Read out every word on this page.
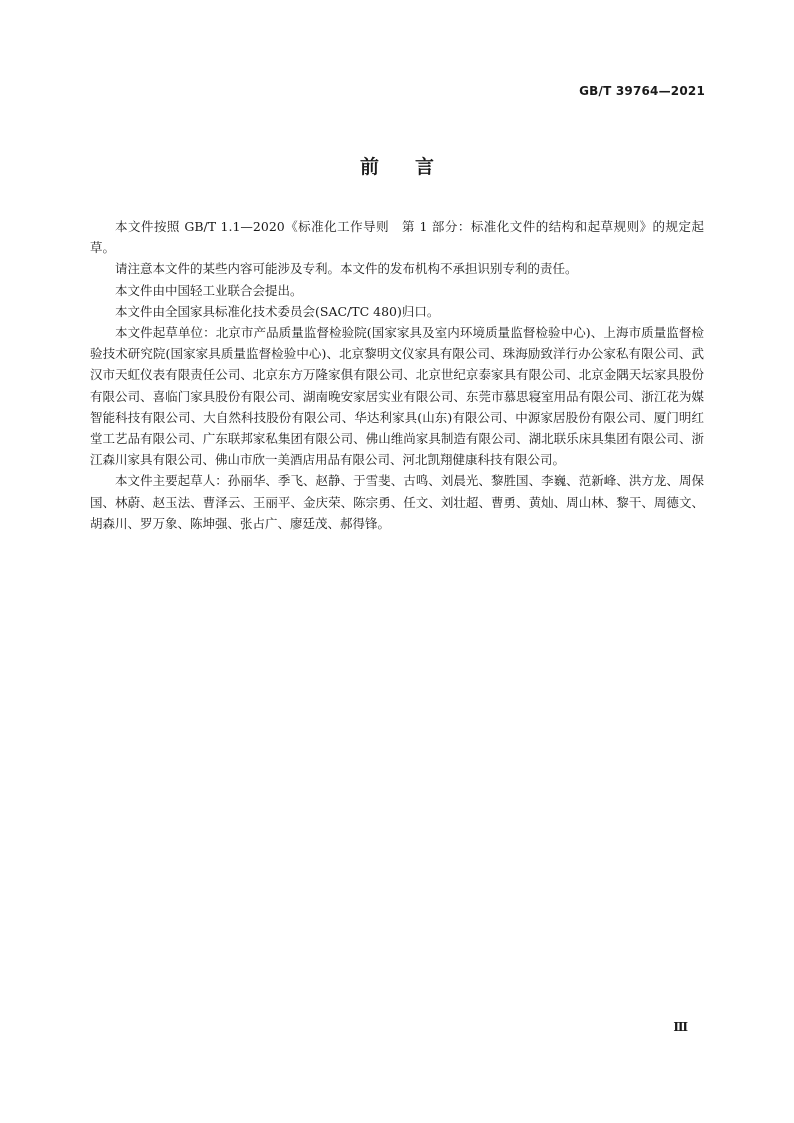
GB/T 39764—2021
前言

本文件按照 GB/T 1.1—2020《标准化工作导则　第 1 部分：标准化文件的结构和起草规则》的规定起草。

请注意本文件的某些内容可能涉及专利。本文件的发布机构不承担识别专利的责任。

本文件由中国轻工业联合会提出。

本文件由全国家具标准化技术委员会(SAC/TC 480)归口。

本文件起草单位：北京市产品质量监督检验院(国家家具及室内环境质量监督检验中心)、上海市质量监督检验技术研究院(国家家具质量监督检验中心)、北京黎明文仪家具有限公司、珠海励致洋行办公家私有限公司、武汉市天虹仪表有限责任公司、北京东方万隆家俱有限公司、北京世纪京泰家具有限公司、北京金隅天坛家具股份有限公司、喜临门家具股份有限公司、湖南晚安家居实业有限公司、东莞市慕思寝室用品有限公司、浙江花为媒智能科技有限公司、大自然科技股份有限公司、华达利家具(山东)有限公司、中源家居股份有限公司、厦门明红堂工艺品有限公司、广东联邦家私集团有限公司、佛山维尚家具制造有限公司、湖北联乐床具集团有限公司、浙江森川家具有限公司、佛山市欣一美酒店用品有限公司、河北凯翔健康科技有限公司。

本文件主要起草人：孙丽华、季飞、赵静、于雪斐、古鸣、刘晨光、黎胜国、李巍、范新峰、洪方龙、周保国、林蔚、赵玉法、曹泽云、王丽平、金庆荣、陈宗勇、任文、刘壮超、曹勇、黄灿、周山林、黎干、周德文、胡森川、罗万象、陈坤强、张占广、廖廷茂、郝得锋。

Ⅲ
